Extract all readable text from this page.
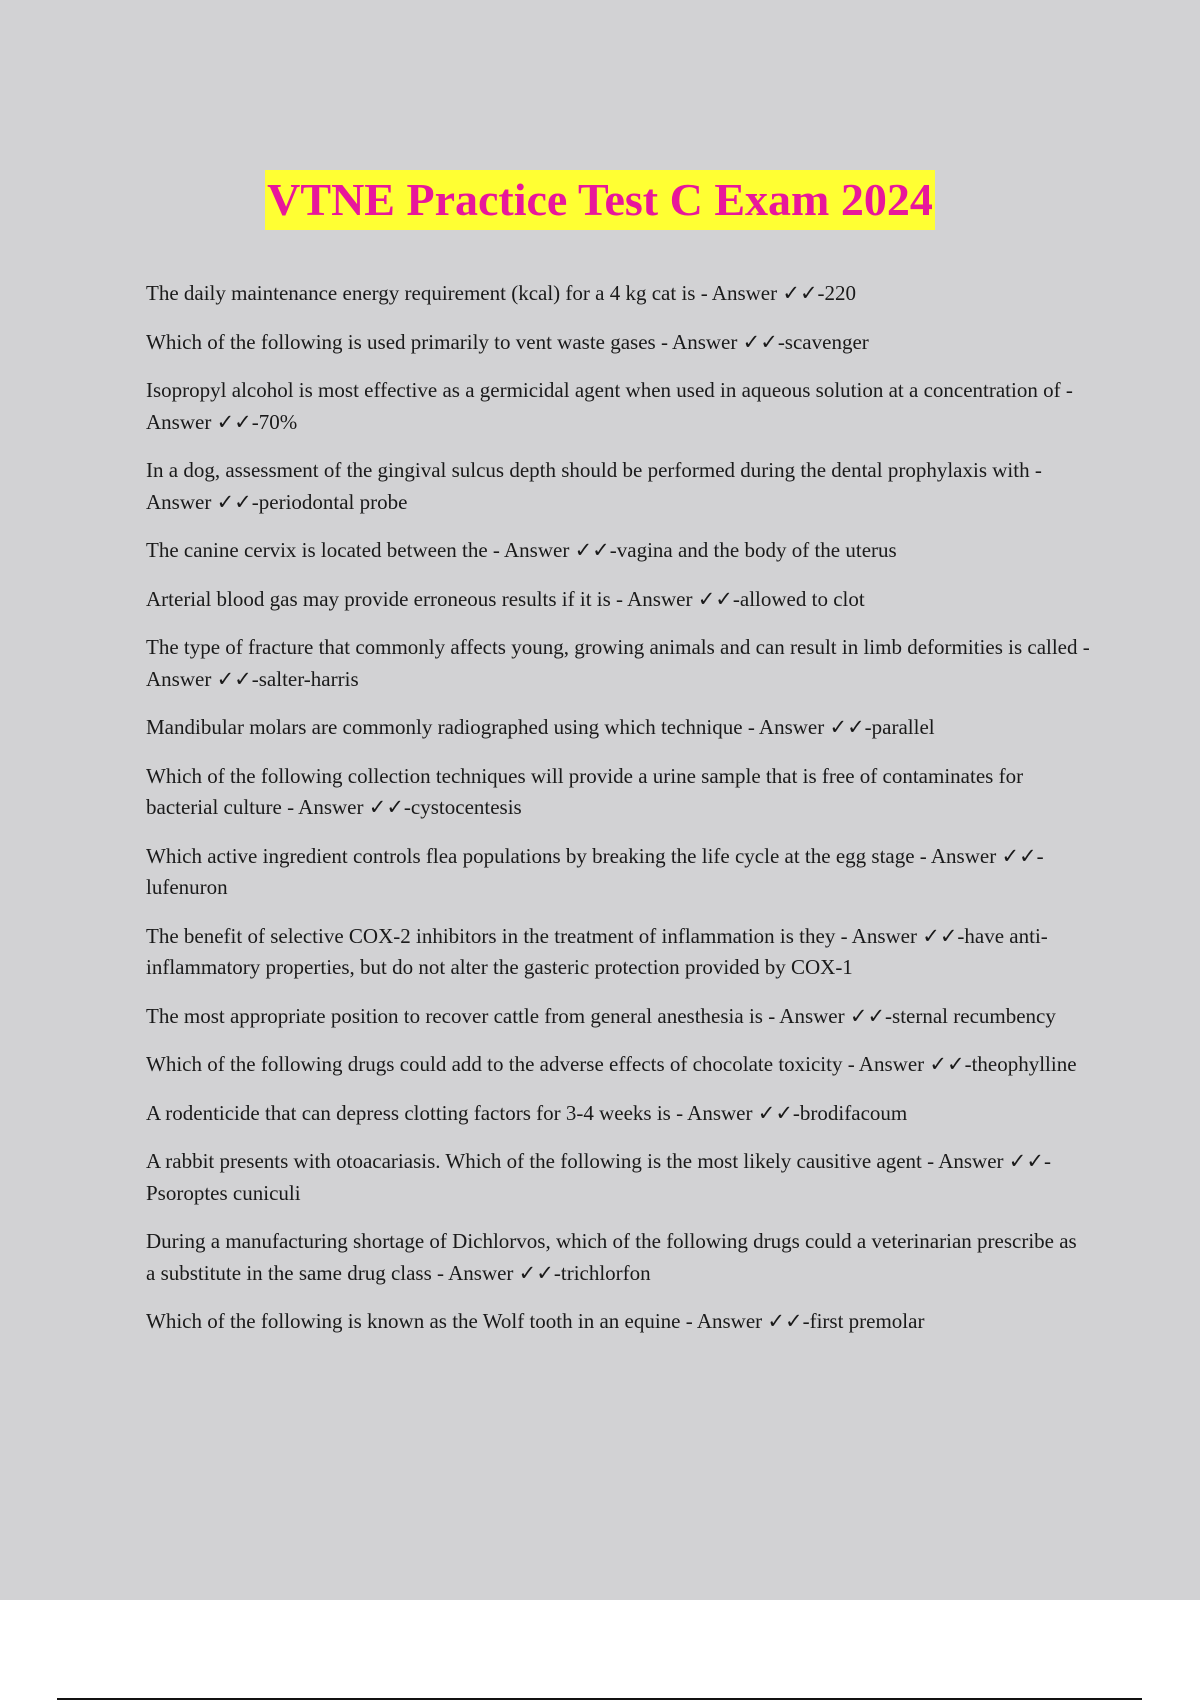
VTNE Practice Test C Exam 2024
The daily maintenance energy requirement (kcal) for a 4 kg cat is - Answer ✓✓-220
Which of the following is used primarily to vent waste gases - Answer ✓✓-scavenger
Isopropyl alcohol is most effective as a germicidal agent when used in aqueous solution at a concentration of - Answer ✓✓-70%
In a dog, assessment of the gingival sulcus depth should be performed during the dental prophylaxis with - Answer ✓✓-periodontal probe
The canine cervix is located between the - Answer ✓✓-vagina and the body of the uterus
Arterial blood gas may provide erroneous results if it is - Answer ✓✓-allowed to clot
The type of fracture that commonly affects young, growing animals and can result in limb deformities is called - Answer ✓✓-salter-harris
Mandibular molars are commonly radiographed using which technique - Answer ✓✓-parallel
Which of the following collection techniques will provide a urine sample that is free of contaminates for bacterial culture - Answer ✓✓-cystocentesis
Which active ingredient controls flea populations by breaking the life cycle at the egg stage - Answer ✓✓-lufenuron
The benefit of selective COX-2 inhibitors in the treatment of inflammation is they - Answer ✓✓-have anti-inflammatory properties, but do not alter the gasteric protection provided by COX-1
The most appropriate position to recover cattle from general anesthesia is - Answer ✓✓-sternal recumbency
Which of the following drugs could add to the adverse effects of chocolate toxicity - Answer ✓✓-theophylline
A rodenticide that can depress clotting factors for 3-4 weeks is - Answer ✓✓-brodifacoum
A rabbit presents with otoacariasis. Which of the following is the most likely causitive agent - Answer ✓✓-Psoroptes cuniculi
During a manufacturing shortage of Dichlorvos, which of the following drugs could a veterinarian prescribe as a substitute in the same drug class - Answer ✓✓-trichlorfon
Which of the following is known as the Wolf tooth in an equine - Answer ✓✓-first premolar
